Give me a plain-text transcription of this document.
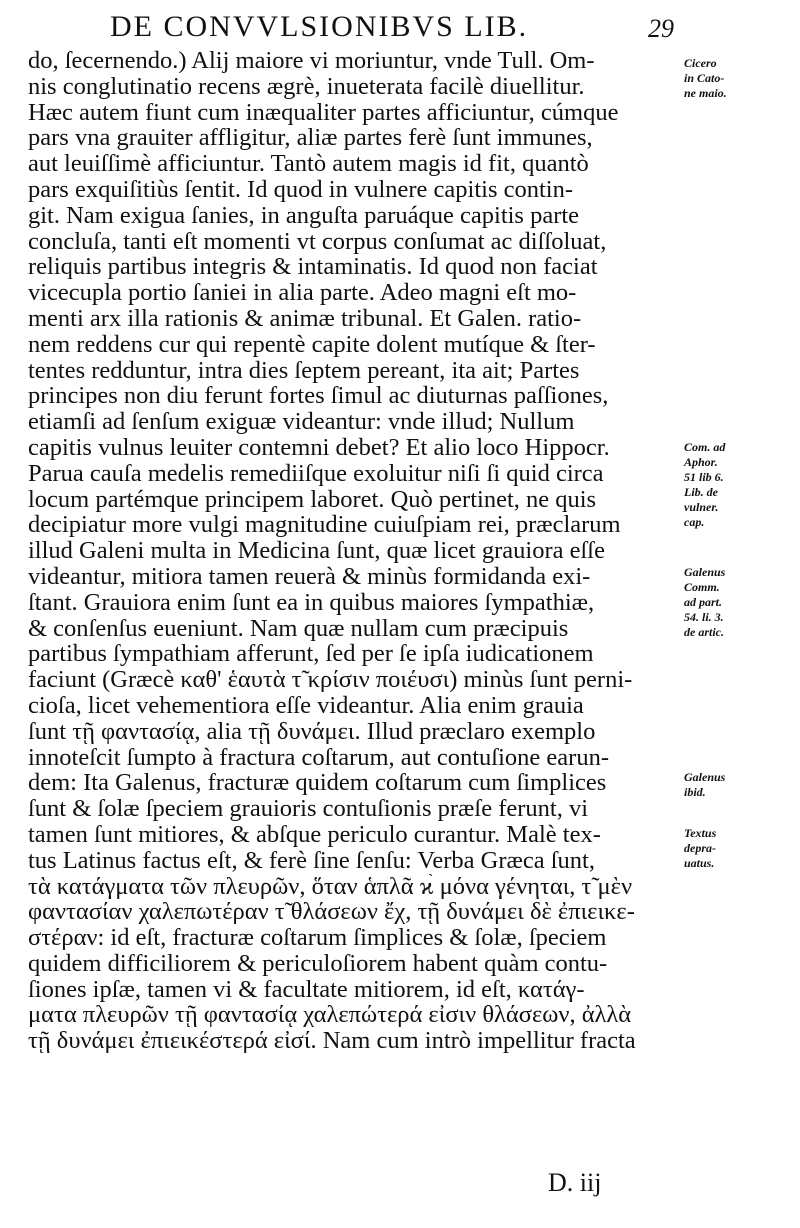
DE CONVVLSIONIBVS LIB.	29
do, ſecernendo.) Alij maiore vi moriuntur, vnde Tull. Om-
nis conglutinatio recens ægrè, inueterata facilè diuellitur.
Hæc autem fiunt cum inæqualiter partes afficiuntur, cúmque
pars vna grauiter affligitur, aliæ partes ferè ſunt immunes,
aut leuiſſimè afficiuntur. Tantò autem magis id fit, quantò
pars exquiſitiùs ſentit. Id quod in vulnere capitis contin-
git. Nam exigua ſanies, in anguſta paruáque capitis parte
concluſa, tanti eſt momenti vt corpus conſumat ac diſſoluat,
reliquis partibus integris & intaminatis. Id quod non faciat
vicecupla portio ſaniei in alia parte. Adeo magni eſt mo-
menti arx illa rationis & animæ tribunal. Et Galen. ratio-
nem reddens cur qui repentè capite dolent mutíque & ſter-
tentes redduntur, intra dies ſeptem pereant, ita ait; Partes
principes non diu ferunt fortes ſimul ac diuturnas paſſiones,
etiamſi ad ſenſum exiguæ videantur: vnde illud; Nullum
capitis vulnus leuiter contemni debet? Et alio loco Hippocr.
Parua cauſa medelis remediiſque exoluitur niſi ſi quid circa
locum partémque principem laboret. Quò pertinet, ne quis
decipiatur more vulgi magnitudine cuiuſpiam rei, præclarum
illud Galeni multa in Medicina ſunt, quæ licet grauiora eſſe
videantur, mitiora tamen reuerà & minùs formidanda exi-
ſtant. Grauiora enim ſunt ea in quibus maiores ſympathiæ,
& conſenſus eueniunt. Nam quæ nullam cum præcipuis
partibus ſympathiam afferunt, ſed per ſe ipſa iudicationem
faciunt (Græcè καθ' ἑαυτὰ τ̃ κρίσιν ποιέυσι) minùs ſunt perni-
cioſa, licet vehementiora eſſe videantur. Alia enim grauia
ſunt τῇ φαντασίᾳ, alia τῇ δυνάμει. Illud præclaro exemplo
innoteſcit ſumpto à fractura coſtarum, aut contuſione earun-
dem: Ita Galenus, fracturæ quidem coſtarum cum ſimplices
ſunt & ſolæ ſpeciem grauioris contuſionis præſe ferunt, vi
tamen ſunt mitiores, & abſque periculo curantur. Malè tex-
tus Latinus factus eſt, & ferè ſine ſenſu: Verba Græca ſunt,
τὰ κατάγματα τῶν πλευρῶν, ὅταν ἁπλᾶ ϰ̀ μόνα γένηται, τ̃ μὲν
φαντασίαν χαλεπωτέραν τ̃ θλάσεων ἔχ, τῇ δυνάμει δὲ ἐπιεικε-
στέραν: id eſt, fracturæ coſtarum ſimplices & ſolæ, ſpeciem
quidem difficiliorem & periculoſiorem habent quàm contu-
ſiones ipſæ, tamen vi & facultate mitiorem, id eſt, κατάγ-
ματα πλευρῶν τῇ φαντασίᾳ χαλεπώτερά εἰσιν θλάσεων, ἀλλὰ
τῇ δυνάμει ἐπιεικέστερά εἰσί. Nam cum intrò impellitur fracta
Cicero
in Cato-
ne maio.
Com. ad
Aphor.
51 lib 6.
Lib. de
vulner.
cap.
Galenus
Comm.
ad part.
54. li. 3.
de artic.
Galenus
ibid.
Textus
depra-
uatus.
D. iij
